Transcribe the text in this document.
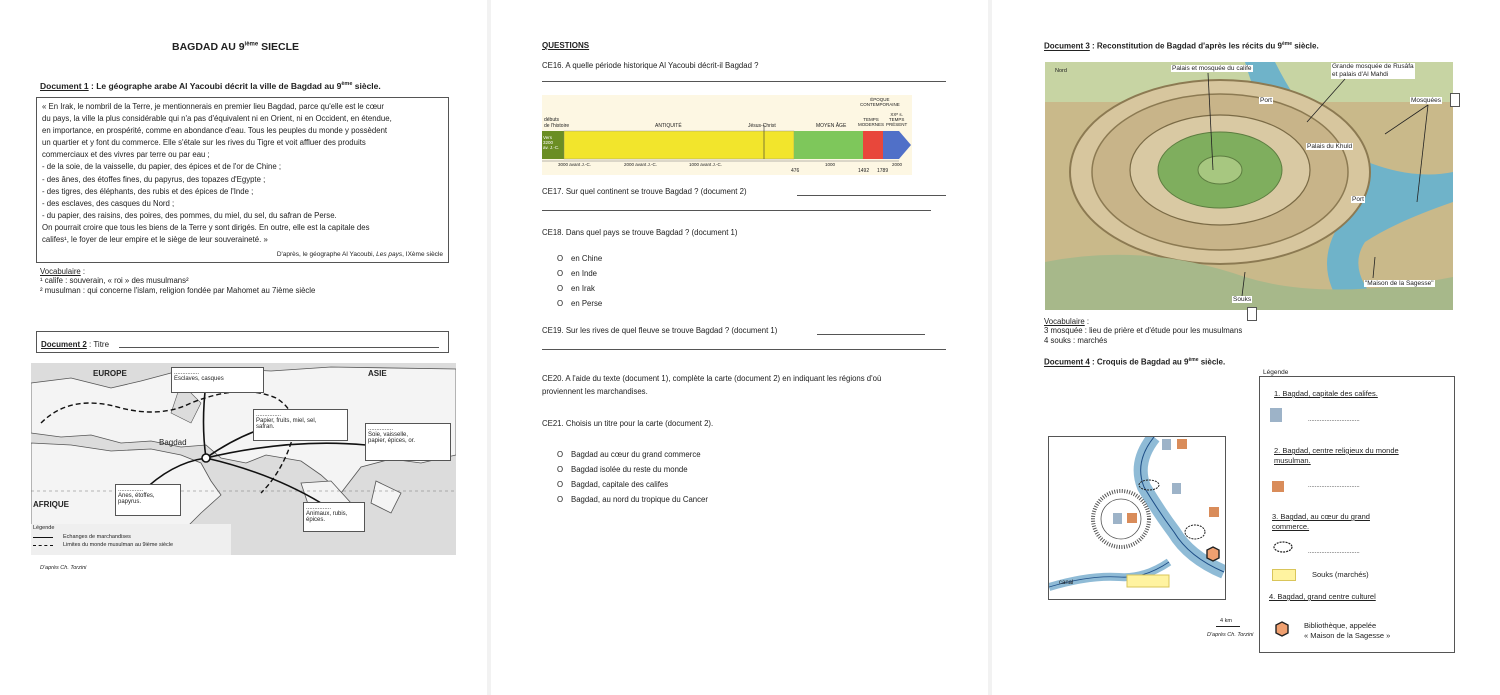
BAGDAD AU 9ième SIECLE
Document 1 : Le géographe arabe Al Yacoubi décrit la ville de Bagdad au 9ème siècle.
« En Irak, le nombril de la Terre, je mentionnerais en premier lieu Bagdad, parce qu'elle est le cœur
du pays, la ville la plus considérable qui n'a pas d'équivalent ni en Orient, ni en Occident, en étendue,
en importance, en prospérité, comme en abondance d'eau. Tous les peuples du monde y possèdent
un quartier et y font du commerce. Elle s'étale sur les rives du Tigre et voit affluer des produits
commerciaux et des vivres par terre ou par eau ;
- de la soie, de la vaisselle, du papier, des épices et de l'or de Chine ;
- des ânes, des étoffes fines, du papyrus, des topazes d'Egypte ;
- des tigres, des éléphants, des rubis et des épices de l'Inde ;
- des esclaves, des casques du Nord ;
- du papier, des raisins, des poires, des pommes, du miel, du sel, du safran de Perse.
On pourrait croire que tous les biens de la Terre y sont dirigés. En outre, elle est la capitale des
califes¹, le foyer de leur empire et le siège de leur souveraineté. »
D'après, le géographe Al Yacoubi, Les pays, IXème siècle
Vocabulaire :
¹ calife : souverain, « roi » des musulmans²
² musulman : qui concerne l'islam, religion fondée par Mahomet au 7ième siècle
Document 2 : Titre
EUROPE	ASIE
AFRIQUE
Bagdad
...............
Esclaves, casques
...............
Papier, fruits, miel, sel,
safran.	...............
Soie, vaisselle,
papier, épices, or.
...............
Anes, étoffes,
papyrus.
...............
Animaux, rubis,
épices.
Légende
Echanges de marchandises
Limites du monde musulman au 9ième siècle
D'après Ch. Torzini
QUESTIONS
CE16. A quelle période historique Al Yacoubi décrit-il Bagdad ?
débuts
de l'histoire
Vers
3200
av. J.-C.
ANTIQUITÉ	Jésus-Christ	MOYEN ÂGE
TEMPS
MODERNES
ÉPOQUE
CONTEMPORAINE
XXᵉ s.
TEMPS
PRÉSENT
3000 avant J.-C.	2000 avant J.-C.	1000 avant J.-C.
476
1000
1492 1789
2000
CE17. Sur quel continent se trouve Bagdad ? (document 2)
CE18. Dans quel pays se trouve Bagdad ? (document 1)
O en Chine
O en Inde
O en Irak
O en Perse
CE19. Sur les rives de quel fleuve se trouve Bagdad ? (document 1)
CE20. A l'aide du texte (document 1), complète la carte (document 2) en indiquant les régions d'où
proviennent les marchandises.
CE21. Choisis un titre pour la carte (document 2).
O Bagdad au cœur du grand commerce
O Bagdad isolée du reste du monde
O Bagdad, capitale des califes
O Bagdad, au nord du tropique du Cancer
Document 3 : Reconstitution de Bagdad d'après les récits du 9ème siècle.
Palais et mosquée du calife	Grande mosquée de Rusâfa
et palais d'Al Mahdi
Port	Mosquées
Palais du Khuld
Port
"Maison de la Sagesse"
Souks
Nord
Vocabulaire :
3 mosquée : lieu de prière et d'étude pour les musulmans
4 souks : marchés
Document 4 : Croquis de Bagdad au 9ème siècle.
canal
4 km
D'après Ch. Torzini
Légende
1. Bagdad, capitale des califes.
...............................
2. Bagdad, centre religieux du monde
musulman.
...............................
3. Bagdad, au cœur du grand
commerce.
...............................
Souks (marchés)
4. Bagdad, grand centre culturel
Bibliothèque, appelée
« Maison de la Sagesse »
